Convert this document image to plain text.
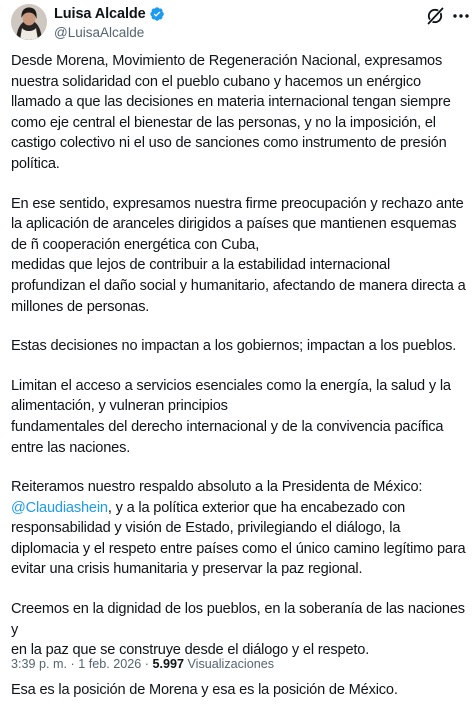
Luisa Alcalde
@LuisaAlcalde

Desde Morena, Movimiento de Regeneración Nacional, expresamos
nuestra solidaridad con el pueblo cubano y hacemos un enérgico
llamado a que las decisiones en materia internacional tengan siempre
como eje central el bienestar de las personas, y no la imposición, el
castigo colectivo ni el uso de sanciones como instrumento de presión
política.

En ese sentido, expresamos nuestra firme preocupación y rechazo ante
la aplicación de aranceles dirigidos a países que mantienen esquemas
de ñ cooperación energética con Cuba,
medidas que lejos de contribuir a la estabilidad internacional
profundizan el daño social y humanitario, afectando de manera directa a
millones de personas.

Estas decisiones no impactan a los gobiernos; impactan a los pueblos.

Limitan el acceso a servicios esenciales como la energía, la salud y la
alimentación, y vulneran principios
fundamentales del derecho internacional y de la convivencia pacífica
entre las naciones.

Reiteramos nuestro respaldo absoluto a la Presidenta de México:
@Claudiashein, y a la política exterior que ha encabezado con
responsabilidad y visión de Estado, privilegiando el diálogo, la
diplomacia y el respeto entre países como el único camino legítimo para
evitar una crisis humanitaria y preservar la paz regional.

Creemos en la dignidad de los pueblos, en la soberanía de las naciones y
en la paz que se construye desde el diálogo y el respeto.

Esa es la posición de Morena y esa es la posición de México.

3:39 p. m. · 1 feb. 2026 · 5.997 Visualizaciones
